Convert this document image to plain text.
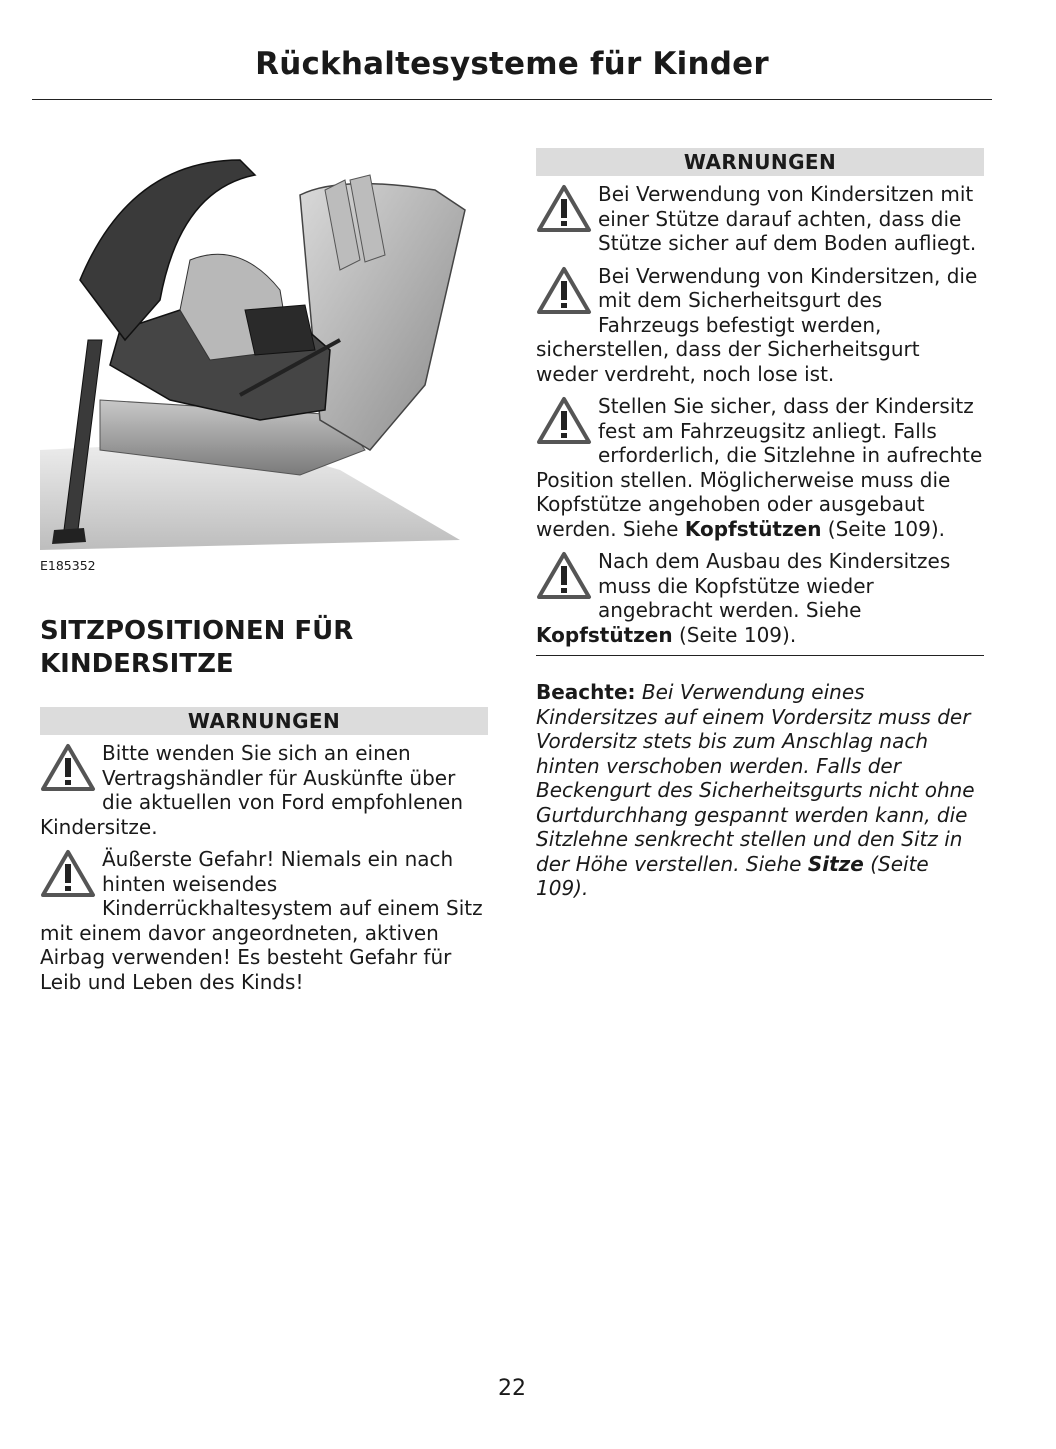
Rückhaltesysteme für Kinder
E185352
SITZPOSITIONEN FÜR
KINDERSITZE
WARNUNGEN
Bitte wenden Sie sich an einen Vertragshändler für Auskünfte über die aktuellen von Ford empfohlenen Kindersitze.
Äußerste Gefahr! Niemals ein nach hinten weisendes Kinderrückhaltesystem auf einem Sitz mit einem davor angeordneten, aktiven Airbag verwenden! Es besteht Gefahr für Leib und Leben des Kinds!
WARNUNGEN
Bei Verwendung von Kindersitzen mit einer Stütze darauf achten, dass die Stütze sicher auf dem Boden aufliegt.
Bei Verwendung von Kindersitzen, die mit dem Sicherheitsgurt des Fahrzeugs befestigt werden, sicherstellen, dass der Sicherheitsgurt weder verdreht, noch lose ist.
Stellen Sie sicher, dass der Kindersitz fest am Fahrzeugsitz anliegt. Falls erforderlich, die Sitzlehne in aufrechte Position stellen. Möglicherweise muss die Kopfstütze angehoben oder ausgebaut werden. Siehe Kopfstützen (Seite 109).
Nach dem Ausbau des Kindersitzes muss die Kopfstütze wieder angebracht werden. Siehe Kopfstützen (Seite 109).
Beachte: Bei Verwendung eines Kindersitzes auf einem Vordersitz muss der Vordersitz stets bis zum Anschlag nach hinten verschoben werden. Falls der Beckengurt des Sicherheitsgurts nicht ohne Gurtdurchhang gespannt werden kann, die Sitzlehne senkrecht stellen und den Sitz in der Höhe verstellen. Siehe Sitze (Seite 109).
22
